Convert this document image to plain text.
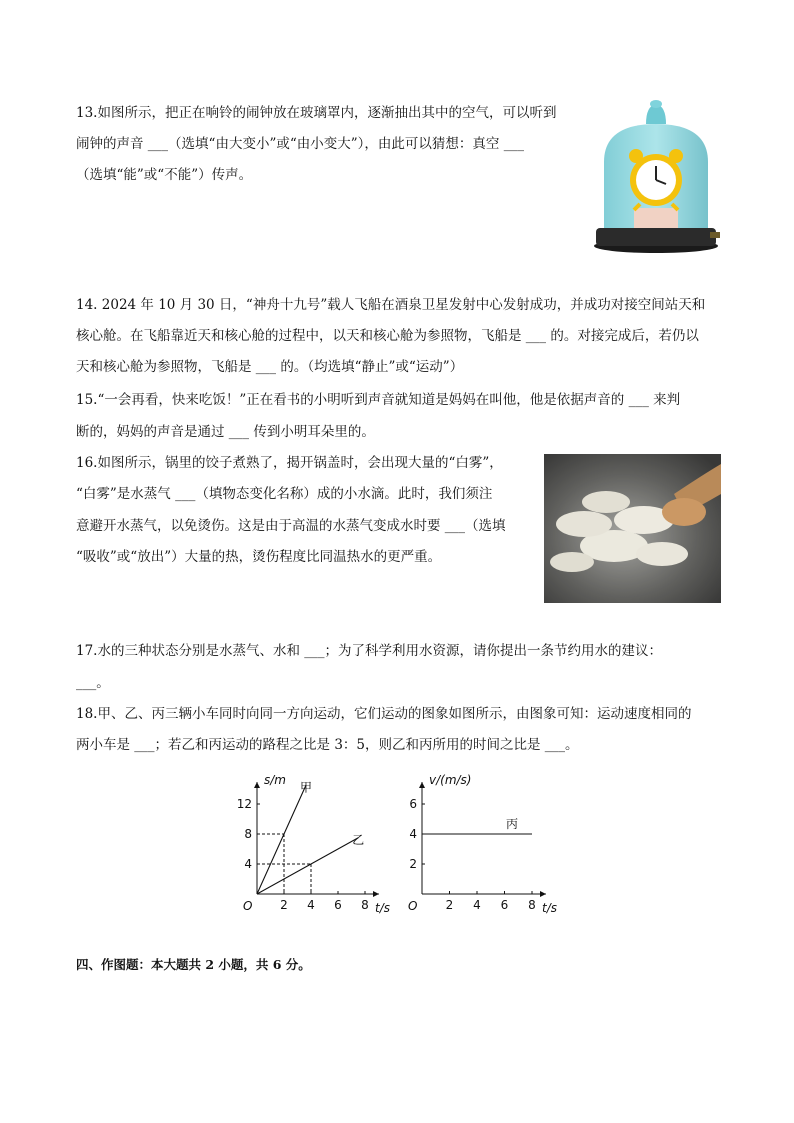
13.如图所示，把正在响铃的闹钟放在玻璃罩内，逐渐抽出其中的空气，可以听到
闹钟的声音 ___（选填“由大变小”或“由小变大”），由此可以猜想：真空 ___
（选填“能”或“不能”）传声。
14. 2024 年 10 月 30 日，“神舟十九号”载人飞船在酒泉卫星发射中心发射成功，并成功对接空间站天和
核心舱。在飞船靠近天和核心舱的过程中，以天和核心舱为参照物，飞船是 ___ 的。对接完成后，若仍以
天和核心舱为参照物，飞船是 ___ 的。（均选填“静止”或“运动”）
15.“一会再看，快来吃饭！”正在看书的小明听到声音就知道是妈妈在叫他，他是依据声音的 ___ 来判
断的，妈妈的声音是通过 ___ 传到小明耳朵里的。
16.如图所示，锅里的饺子煮熟了，揭开锅盖时，会出现大量的“白雾”，
“白雾”是水蒸气 ___（填物态变化名称）成的小水滴。此时，我们须注
意避开水蒸气，以免烫伤。这是由于高温的水蒸气变成水时要 ___（选填
“吸收”或“放出”）大量的热，烫伤程度比同温热水的更严重。
17.水的三种状态分别是水蒸气、水和 ___；为了科学利用水资源，请你提出一条节约用水的建议：
___。
18.甲、乙、丙三辆小车同时向同一方向运动，它们运动的图象如图所示，由图象可知：运动速度相同的
两小车是 ___；若乙和丙运动的路程之比是 3：5，则乙和丙所用的时间之比是 ___。
2 4 6 8
4
8
12
O	t/s
s/m
甲
乙
2 4 6 8
2
4
6
O	t/s
v/(m/s)
丙
四、作图题：本大题共 2 小题，共 6 分。
